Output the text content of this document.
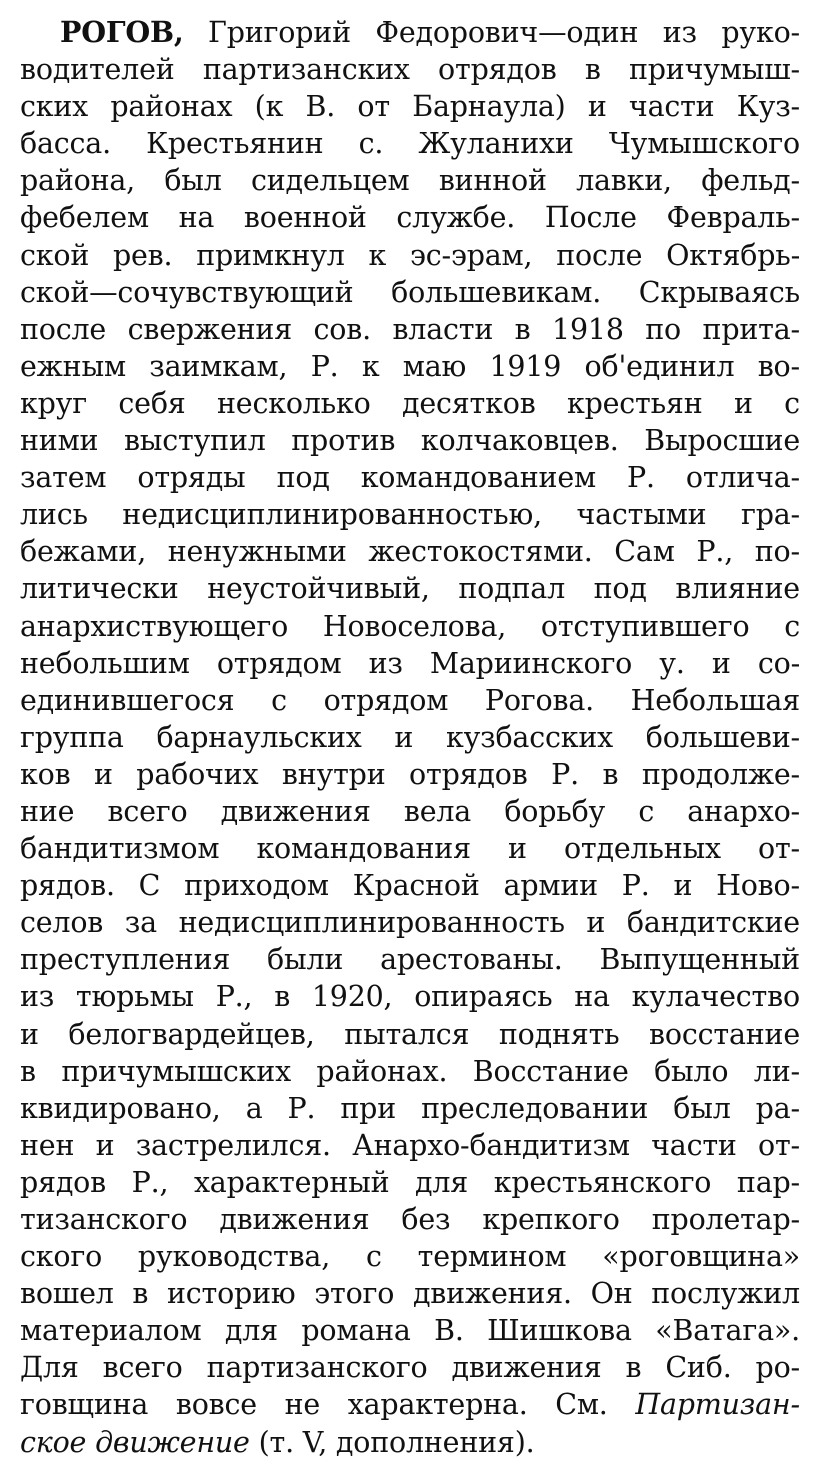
РОГОВ, Григорий Федорович—один из руко-
водителей партизанских отрядов в причумыш-
ских районах (к В. от Барнаула) и части Куз-
басса. Крестьянин с. Жуланихи Чумышского
района, был сидельцем винной лавки, фельд-
фебелем на военной службе. После Февраль-
ской рев. примкнул к эс-эрам, после Октябрь-
ской—сочувствующий большевикам. Скрываясь
после свержения сов. власти в 1918 по прита-
ежным заимкам, Р. к маю 1919 об'единил во-
круг себя несколько десятков крестьян и с
ними выступил против колчаковцев. Выросшие
затем отряды под командованием Р. отлича-
лись недисциплинированностью, частыми гра-
бежами, ненужными жестокостями. Сам Р., по-
литически неустойчивый, подпал под влияние
анархиствующего Новоселова, отступившего с
небольшим отрядом из Мариинского у. и со-
единившегося с отрядом Рогова. Небольшая
группа барнаульских и кузбасских большеви-
ков и рабочих внутри отрядов Р. в продолже-
ние всего движения вела борьбу с анархо-
бандитизмом командования и отдельных от-
рядов. С приходом Красной армии Р. и Ново-
селов за недисциплинированность и бандитские
преступления были арестованы. Выпущенный
из тюрьмы Р., в 1920, опираясь на кулачество
и белогвардейцев, пытался поднять восстание
в причумышских районах. Восстание было ли-
квидировано, а Р. при преследовании был ра-
нен и застрелился. Анархо-бандитизм части от-
рядов Р., характерный для крестьянского пар-
тизанского движения без крепкого пролетар-
ского руководства, с термином «роговщина»
вошел в историю этого движения. Он послужил
материалом для романа В. Шишкова «Ватага».
Для всего партизанского движения в Сиб. ро-
говщина вовсе не характерна. См. Партизан-
ское движение
(т. V, дополнения).
